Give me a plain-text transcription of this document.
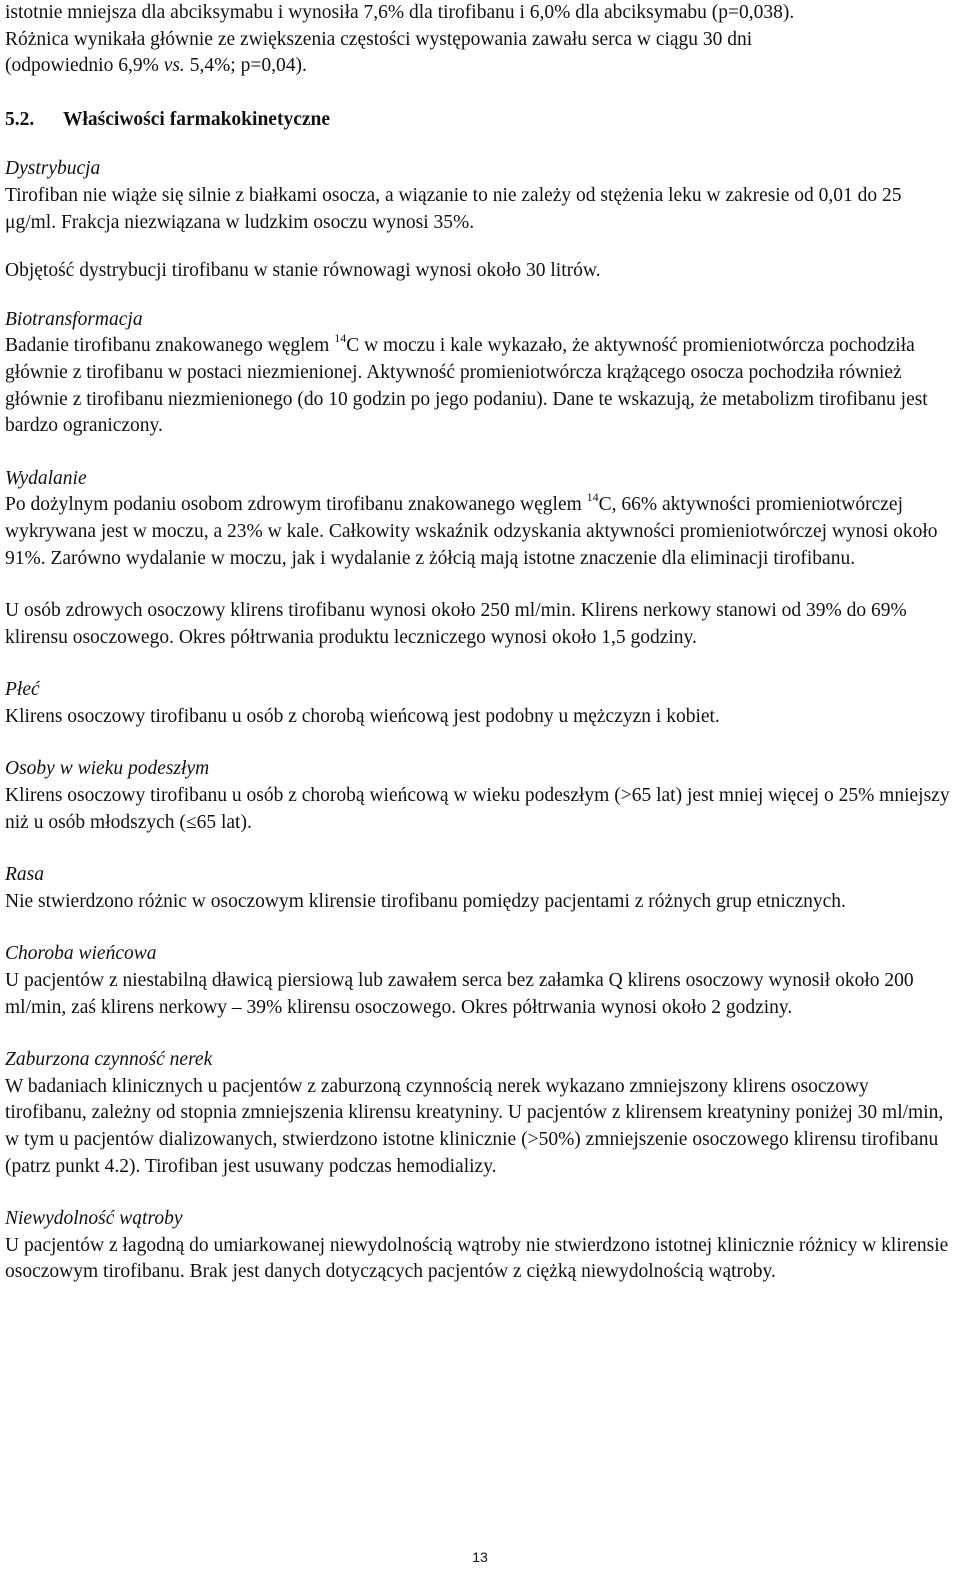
istotnie mniejsza dla abciksymabu i wynosiła 7,6% dla tirofibanu i 6,0% dla abciksymabu (p=0,038).
Różnica wynikała głównie ze zwiększenia częstości występowania zawału serca w ciągu 30 dni
(odpowiednio 6,9% vs. 5,4%; p=0,04).

5.2. Właściwości farmakokinetyczne

Dystrybucja

Tirofiban nie wiąże się silnie z białkami osocza, a wiązanie to nie zależy od stężenia leku w zakresie od 0,01 do 25 μg/ml. Frakcja niezwiązana w ludzkim osoczu wynosi 35%.

Objętość dystrybucji tirofibanu w stanie równowagi wynosi około 30 litrów.

Biotransformacja

Badanie tirofibanu znakowanego węglem $^{14}$C w moczu i kale wykazało, że aktywność promieniotwórcza pochodziła głównie z tirofibanu w postaci niezmienionej. Aktywność promieniotwórcza krążącego osocza pochodziła również głównie z tirofibanu niezmienionego (do 10 godzin po jego podaniu). Dane te wskazują, że metabolizm tirofibanu jest bardzo ograniczony.

Wydalanie

Po dożylnym podaniu osobom zdrowym tirofibanu znakowanego węglem $^{14}$C, 66% aktywności promieniotwórczej wykrywana jest w moczu, a 23% w kale. Całkowity wskaźnik odzyskania aktywności promieniotwórczej wynosi około 91%. Zarówno wydalanie w moczu, jak i wydalanie z żółcią mają istotne znaczenie dla eliminacji tirofibanu.

U osób zdrowych osoczowy klirens tirofibanu wynosi około 250 ml/min. Klirens nerkowy stanowi od 39% do 69% klirensu osoczowego. Okres półtrwania produktu leczniczego wynosi około 1,5 godziny.

Płeć

Klirens osoczowy tirofibanu u osób z chorobą wieńcową jest podobny u mężczyzn i kobiet.

Osoby w wieku podeszłym

Klirens osoczowy tirofibanu u osób z chorobą wieńcową w wieku podeszłym (>65 lat) jest mniej więcej o 25% mniejszy niż u osób młodszych (≤65 lat).

Rasa

Nie stwierdzono różnic w osoczowym klirensie tirofibanu pomiędzy pacjentami z różnych grup etnicznych.

Choroba wieńcowa

U pacjentów z niestabilną dławicą piersiową lub zawałem serca bez załamka Q klirens osoczowy wynosił około 200 ml/min, zaś klirens nerkowy – 39% klirensu osoczowego. Okres półtrwania wynosi około 2 godziny.

Zaburzona czynność nerek

W badaniach klinicznych u pacjentów z zaburzoną czynnością nerek wykazano zmniejszony klirens osoczowy tirofibanu, zależny od stopnia zmniejszenia klirensu kreatyniny. U pacjentów z klirensem kreatyniny poniżej 30 ml/min, w tym u pacjentów dializowanych, stwierdzono istotne klinicznie (>50%) zmniejszenie osoczowego klirensu tirofibanu (patrz punkt 4.2). Tirofiban jest usuwany podczas hemodializy.

Niewydolność wątroby

U pacjentów z łagodną do umiarkowanej niewydolnością wątroby nie stwierdzono istotnej klinicznie różnicy w klirensie osoczowym tirofibanu. Brak jest danych dotyczących pacjentów z ciężką niewydolnością wątroby.

13
